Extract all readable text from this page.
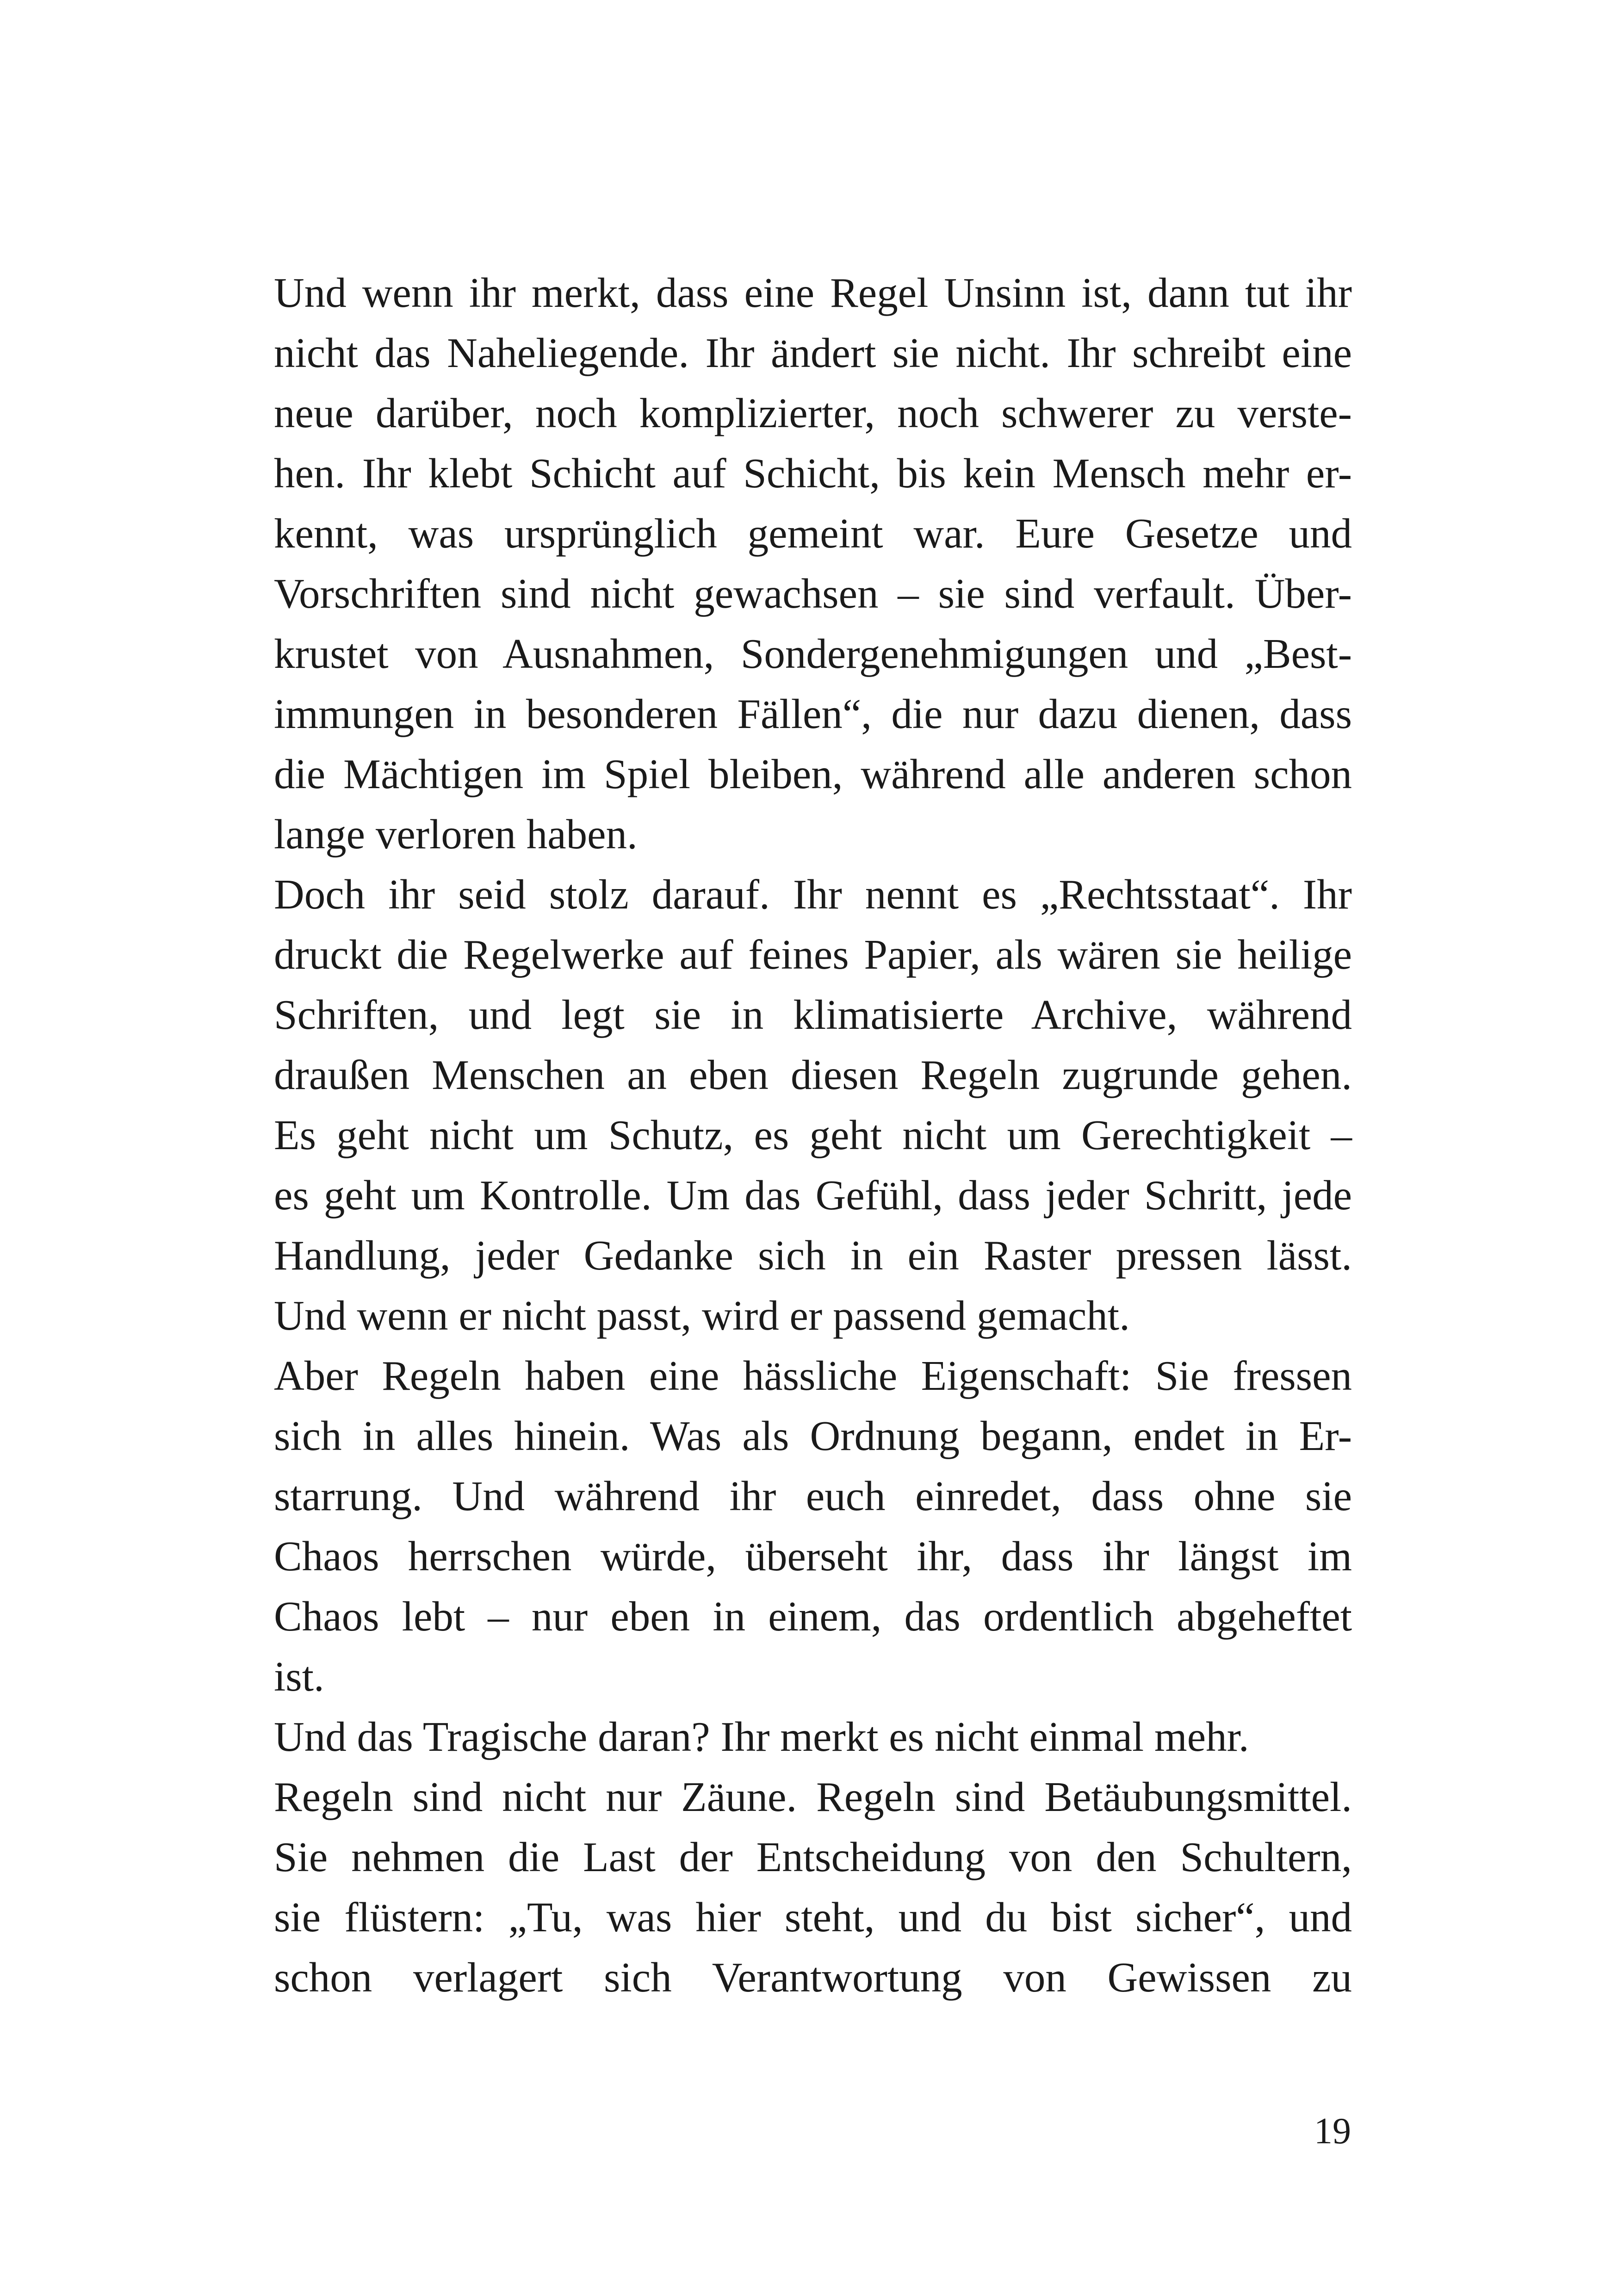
Und wenn ihr merkt, dass eine Regel Unsinn ist, dann tut ihr
nicht das Naheliegende. Ihr ändert sie nicht. Ihr schreibt eine
neue darüber, noch komplizierter, noch schwerer zu verste-
hen. Ihr klebt Schicht auf Schicht, bis kein Mensch mehr er-
kennt, was ursprünglich gemeint war. Eure Gesetze und
Vorschriften sind nicht gewachsen – sie sind verfault. Über-
krustet von Ausnahmen, Sondergenehmigungen und „Best-
immungen in besonderen Fällen“, die nur dazu dienen, dass
die Mächtigen im Spiel bleiben, während alle anderen schon
lange verloren haben.
Doch ihr seid stolz darauf. Ihr nennt es „Rechtsstaat“. Ihr
druckt die Regelwerke auf feines Papier, als wären sie heilige
Schriften, und legt sie in klimatisierte Archive, während
draußen Menschen an eben diesen Regeln zugrunde gehen.
Es geht nicht um Schutz, es geht nicht um Gerechtigkeit –
es geht um Kontrolle. Um das Gefühl, dass jeder Schritt, jede
Handlung, jeder Gedanke sich in ein Raster pressen lässt.
Und wenn er nicht passt, wird er passend gemacht.
Aber Regeln haben eine hässliche Eigenschaft: Sie fressen
sich in alles hinein. Was als Ordnung begann, endet in Er-
starrung. Und während ihr euch einredet, dass ohne sie
Chaos herrschen würde, überseht ihr, dass ihr längst im
Chaos lebt – nur eben in einem, das ordentlich abgeheftet
ist.
Und das Tragische daran? Ihr merkt es nicht einmal mehr.
Regeln sind nicht nur Zäune. Regeln sind Betäubungsmittel.
Sie nehmen die Last der Entscheidung von den Schultern,
sie flüstern: „Tu, was hier steht, und du bist sicher“, und
schon verlagert sich Verantwortung von Gewissen zu
19
